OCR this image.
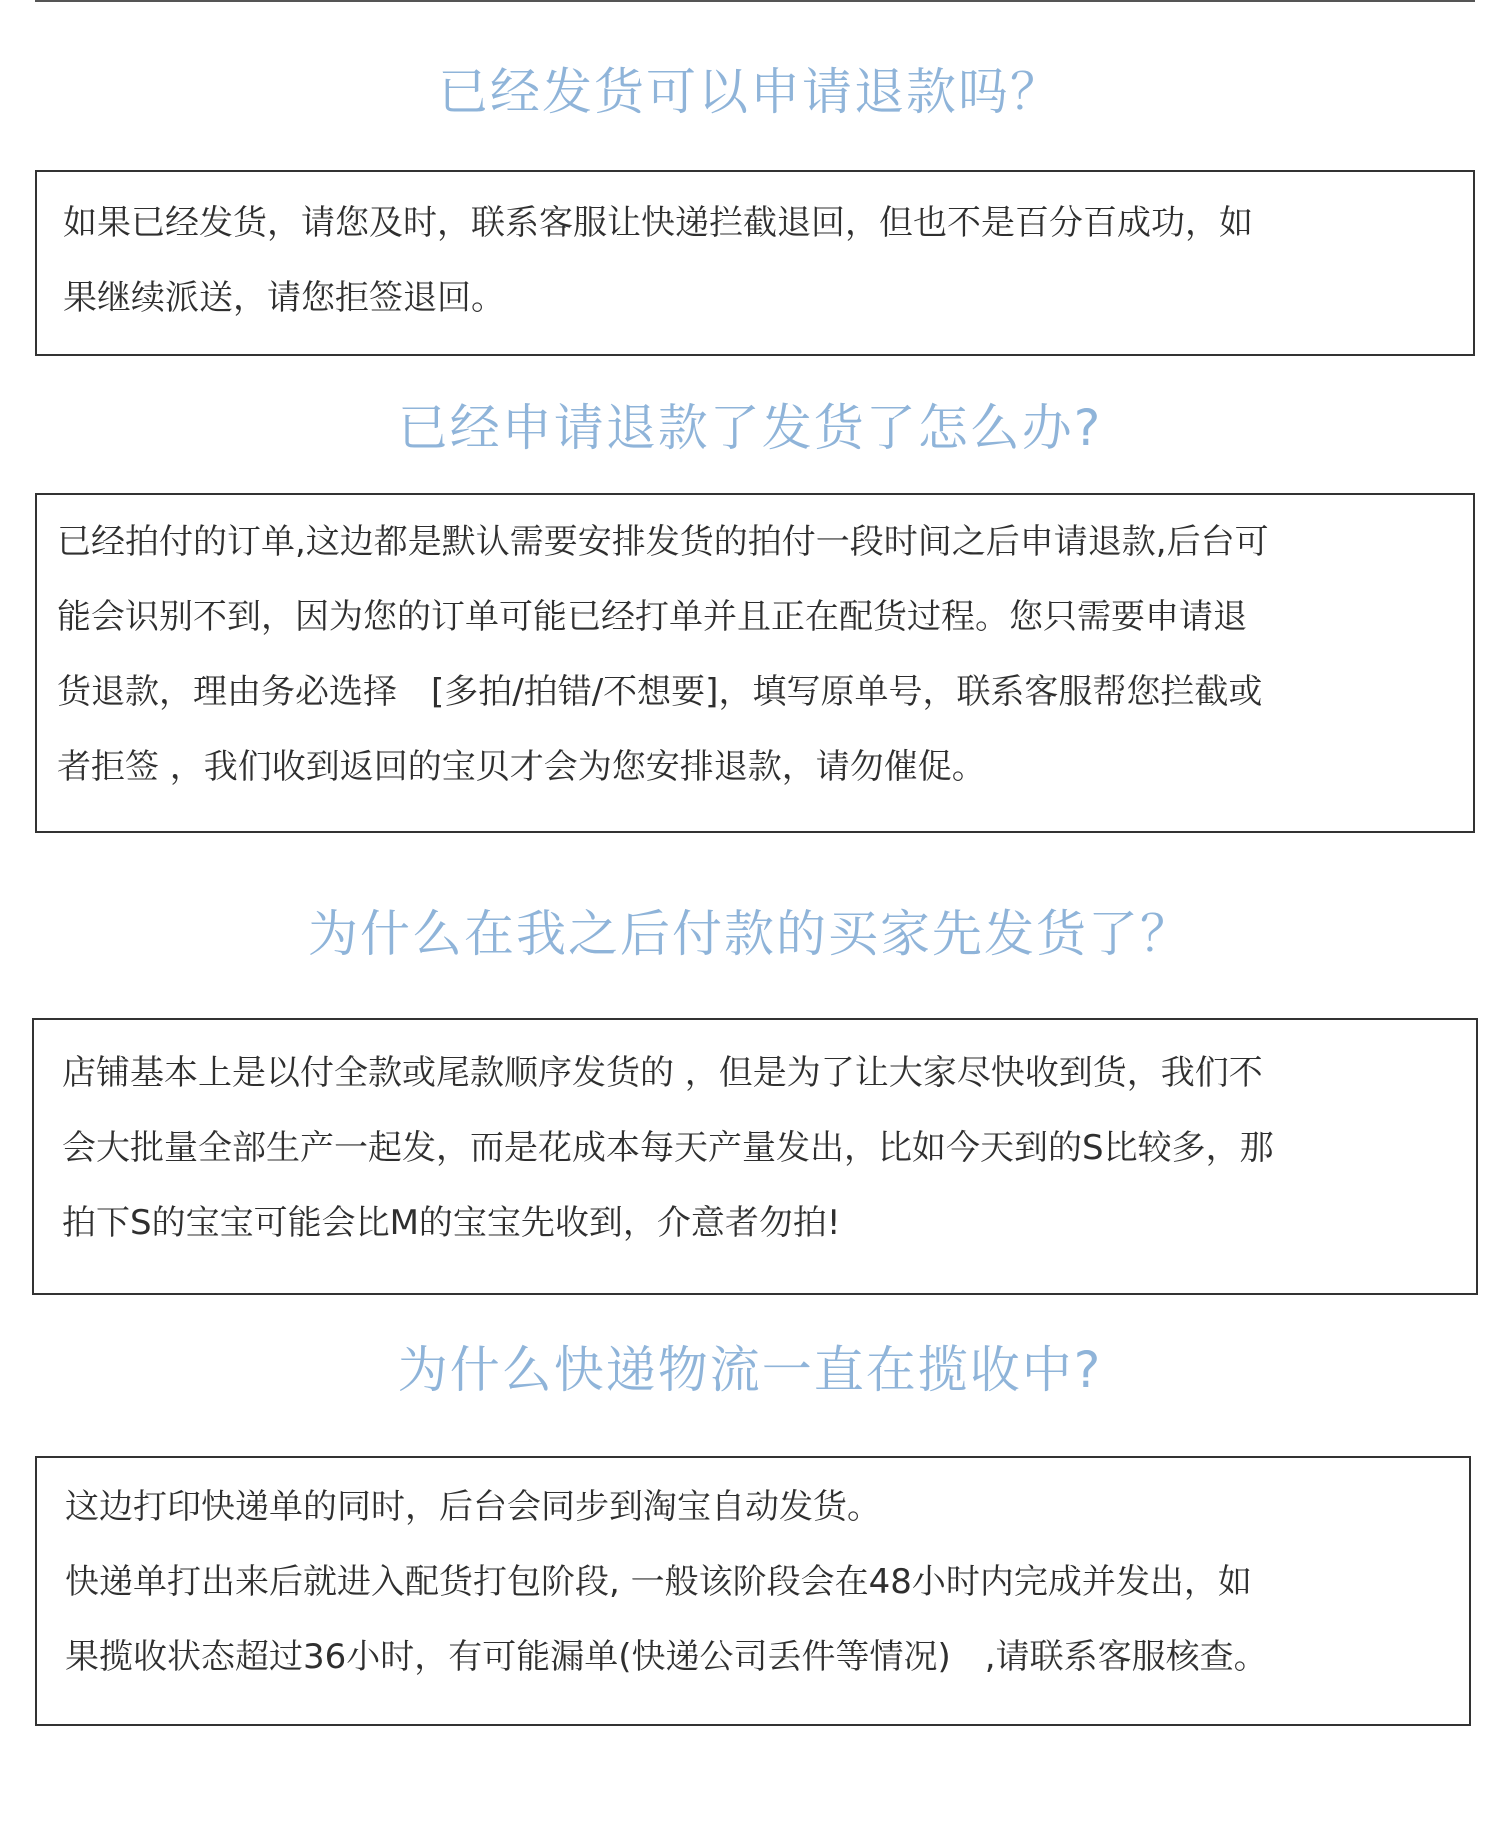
已经发货可以申请退款吗？

如果已经发货，请您及时，联系客服让快递拦截退回，但也不是百分百成功，如
果继续派送，请您拒签退回。

已经申请退款了发货了怎么办?

已经拍付的订单,这边都是默认需要安排发货的拍付一段时间之后申请退款,后台可
能会识别不到，因为您的订单可能已经打单并且正在配货过程。您只需要申请退
货退款，理由务必选择　[多拍/拍错/不想要]，填写原单号，联系客服帮您拦截或
者拒签 ，我们收到返回的宝贝才会为您安排退款，请勿催促。

为什么在我之后付款的买家先发货了？

店铺基本上是以付全款或尾款顺序发货的 ，但是为了让大家尽快收到货，我们不
会大批量全部生产一起发，而是花成本每天产量发出，比如今天到的S比较多，那
拍下S的宝宝可能会比M的宝宝先收到，介意者勿拍!

为什么快递物流一直在揽收中?

这边打印快递单的同时，后台会同步到淘宝自动发货。
快递单打出来后就进入配货打包阶段, 一般该阶段会在48小时内完成并发出，如
果揽收状态超过36小时，有可能漏单(快递公司丢件等情况)　,请联系客服核查。
